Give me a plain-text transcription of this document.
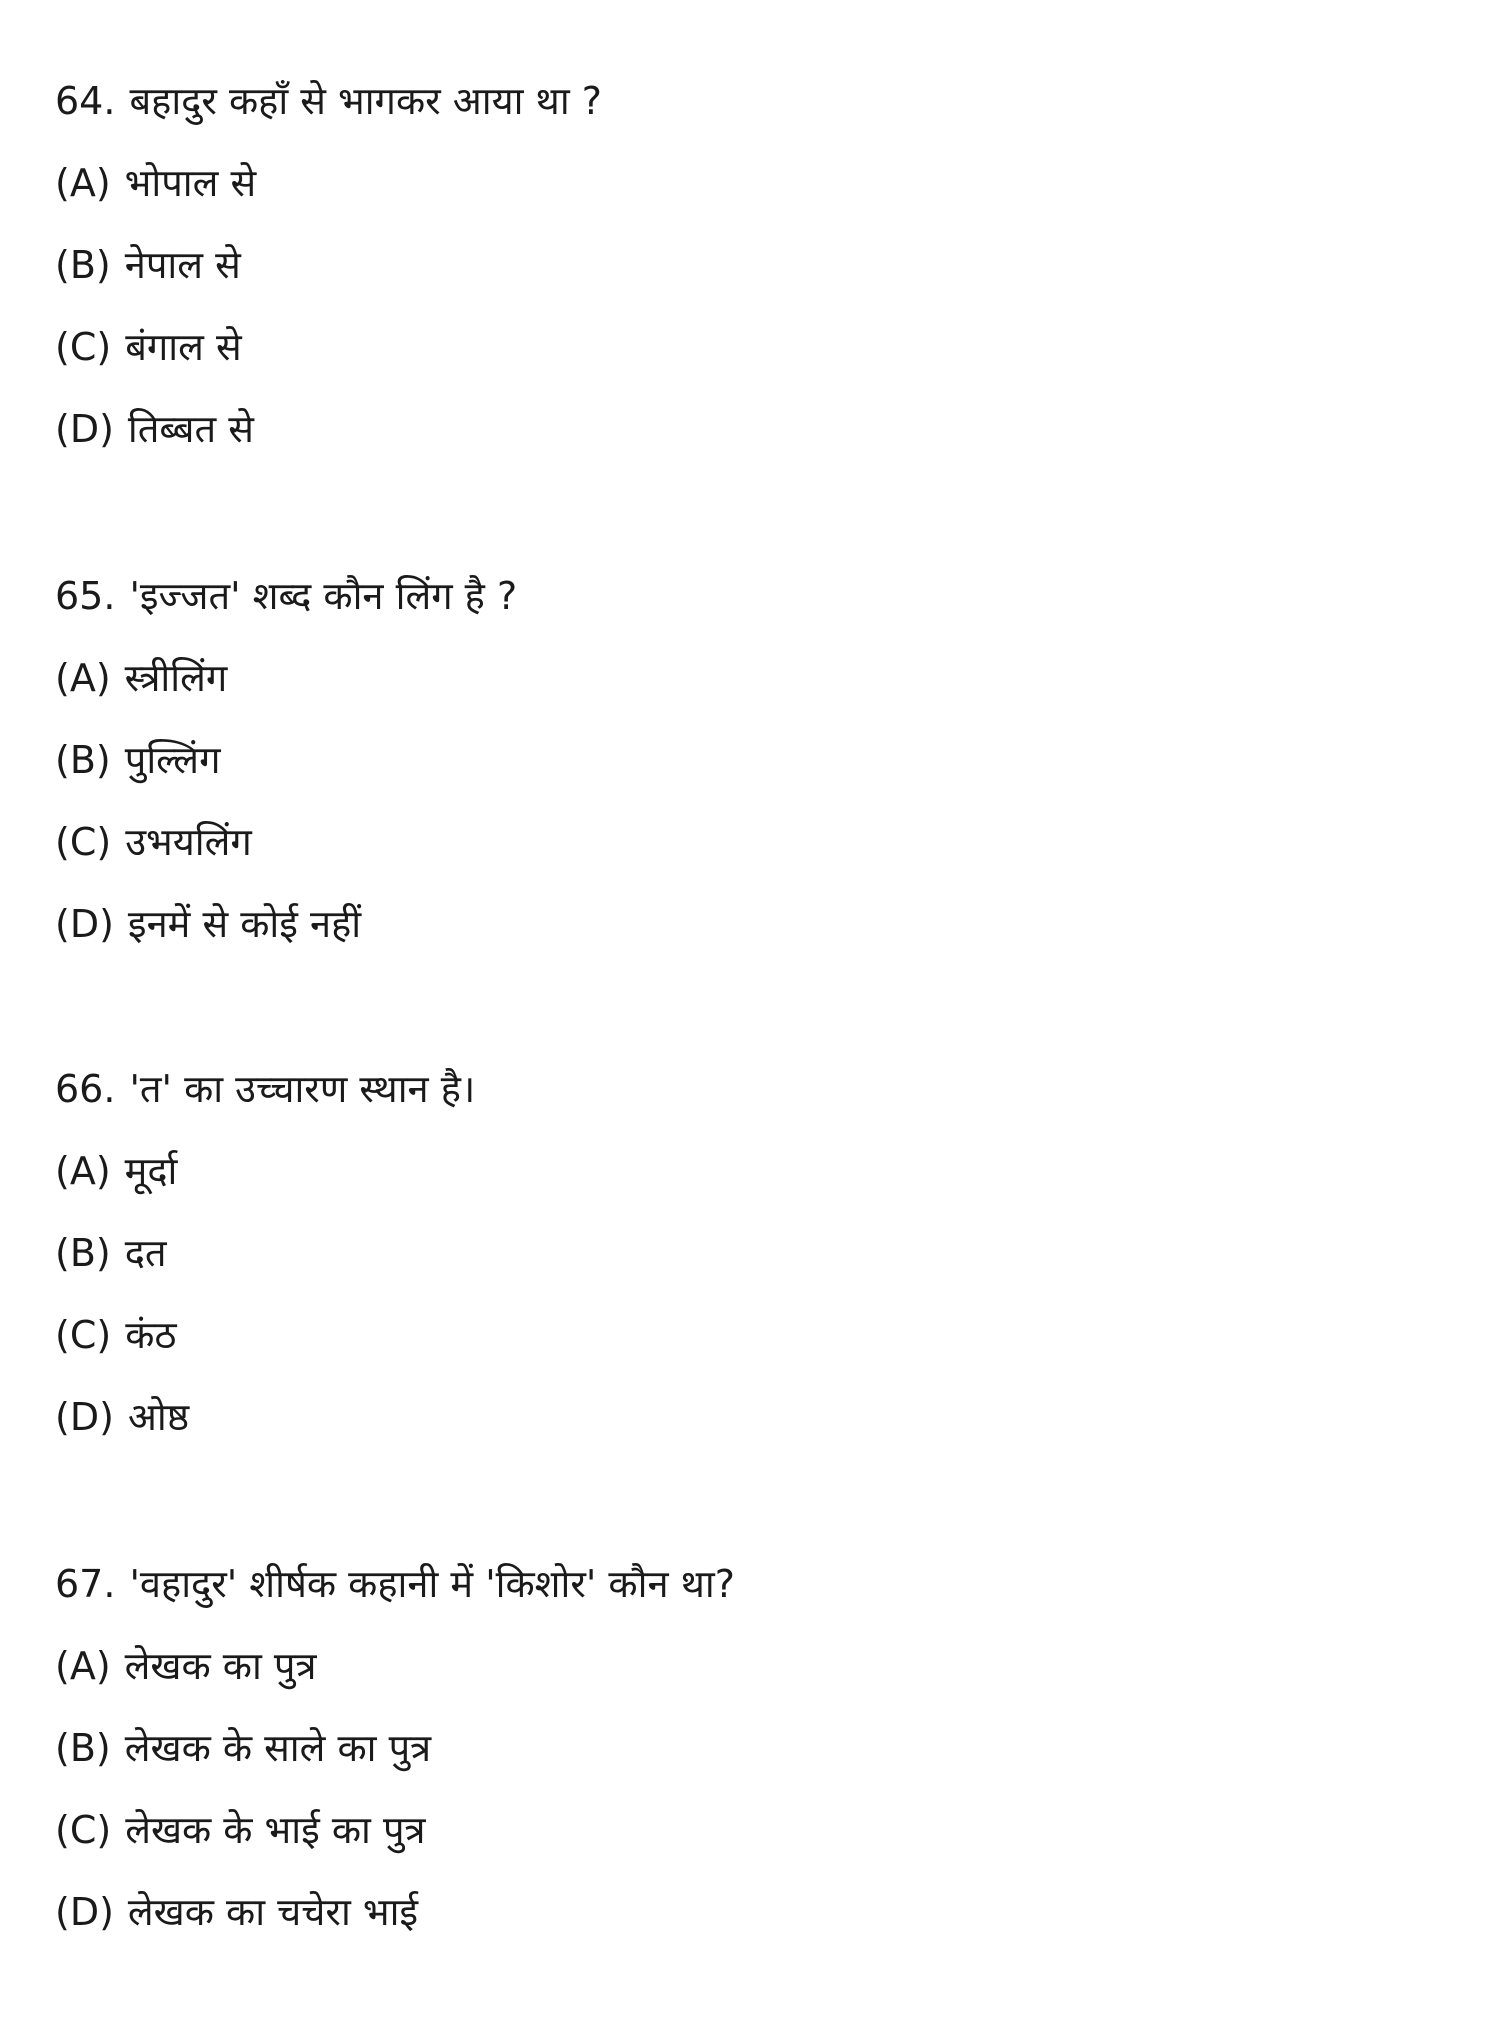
64. बहादुर कहाँ से भागकर आया था ?
(A) भोपाल से
(B) नेपाल से
(C) बंगाल से
(D) तिब्बत से
65. 'इज्जत' शब्द कौन लिंग है ?
(A) स्त्रीलिंग
(B) पुल्लिंग
(C) उभयलिंग
(D) इनमें से कोई नहीं
66. 'त' का उच्चारण स्थान है।
(A) मूर्दा
(B) दत
(C) कंठ
(D) ओष्ठ
67. 'वहादुर' शीर्षक कहानी में 'किशोर' कौन था?
(A) लेखक का पुत्र
(B) लेखक के साले का पुत्र
(C) लेखक के भाई का पुत्र
(D) लेखक का चचेरा भाई
